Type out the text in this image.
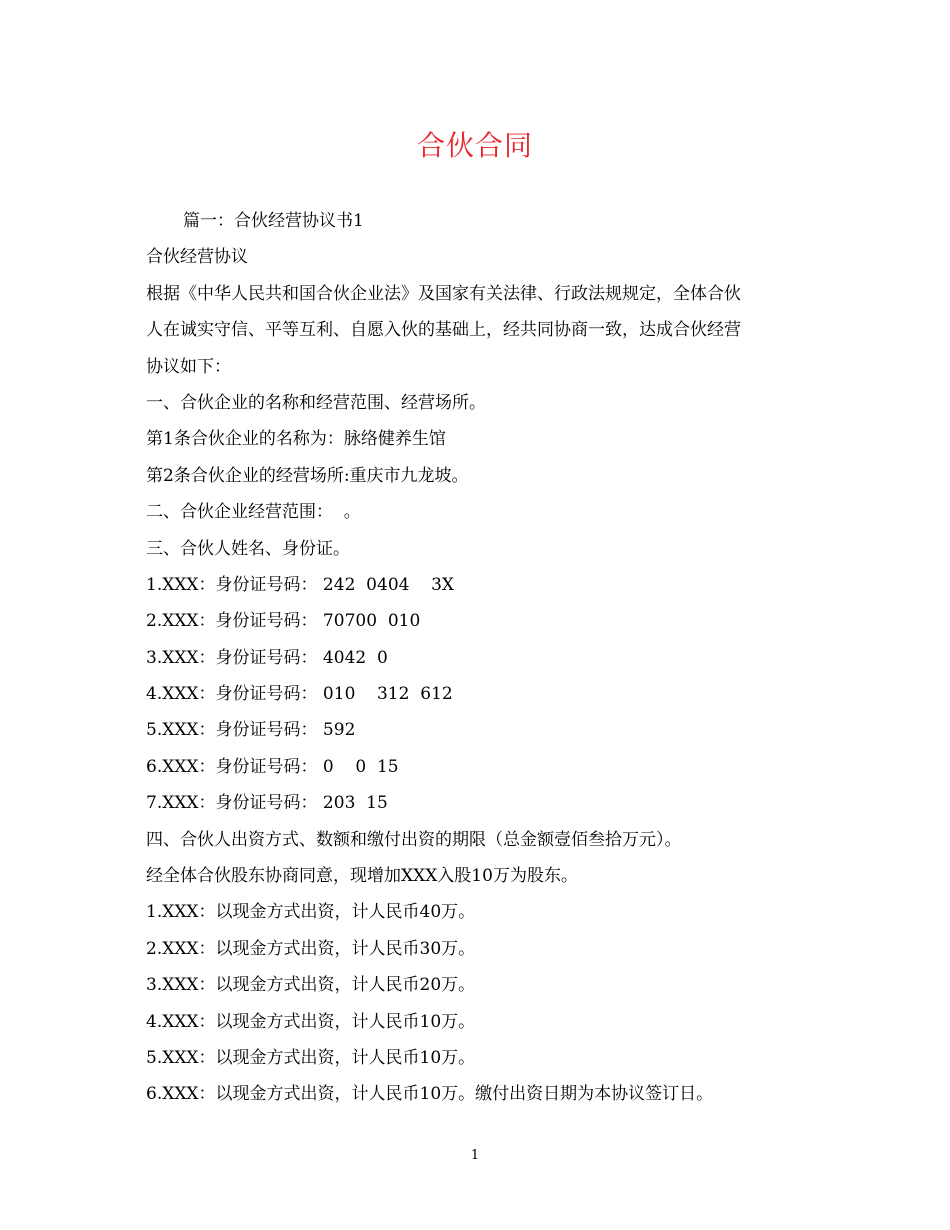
合伙合同
篇一：合伙经营协议书1
合伙经营协议
根据《中华人民共和国合伙企业法》及国家有关法律、行政法规规定，全体合伙
人在诚实守信、平等互利、自愿入伙的基础上，经共同协商一致，达成合伙经营
协议如下：
一、合伙企业的名称和经营范围、经营场所。
第1条合伙企业的名称为：脉络健养生馆
第2条合伙企业的经营场所:重庆市九龙坡。
二、合伙企业经营范围：  。
三、合伙人姓名、身份证。
1.XXX：身份证号码： 242  0404    3X
2.XXX：身份证号码： 70700  010
3.XXX：身份证号码： 4042  0
4.XXX：身份证号码： 010    312  612
5.XXX：身份证号码： 592
6.XXX：身份证号码： 0    0  15
7.XXX：身份证号码： 203  15
四、合伙人出资方式、数额和缴付出资的期限（总金额壹佰叁拾万元）。
经全体合伙股东协商同意，现增加XXX入股10万为股东。
1.XXX：以现金方式出资，计人民币40万。
2.XXX：以现金方式出资，计人民币30万。
3.XXX：以现金方式出资，计人民币20万。
4.XXX：以现金方式出资，计人民币10万。
5.XXX：以现金方式出资，计人民币10万。
6.XXX：以现金方式出资，计人民币10万。缴付出资日期为本协议签订日。
1
